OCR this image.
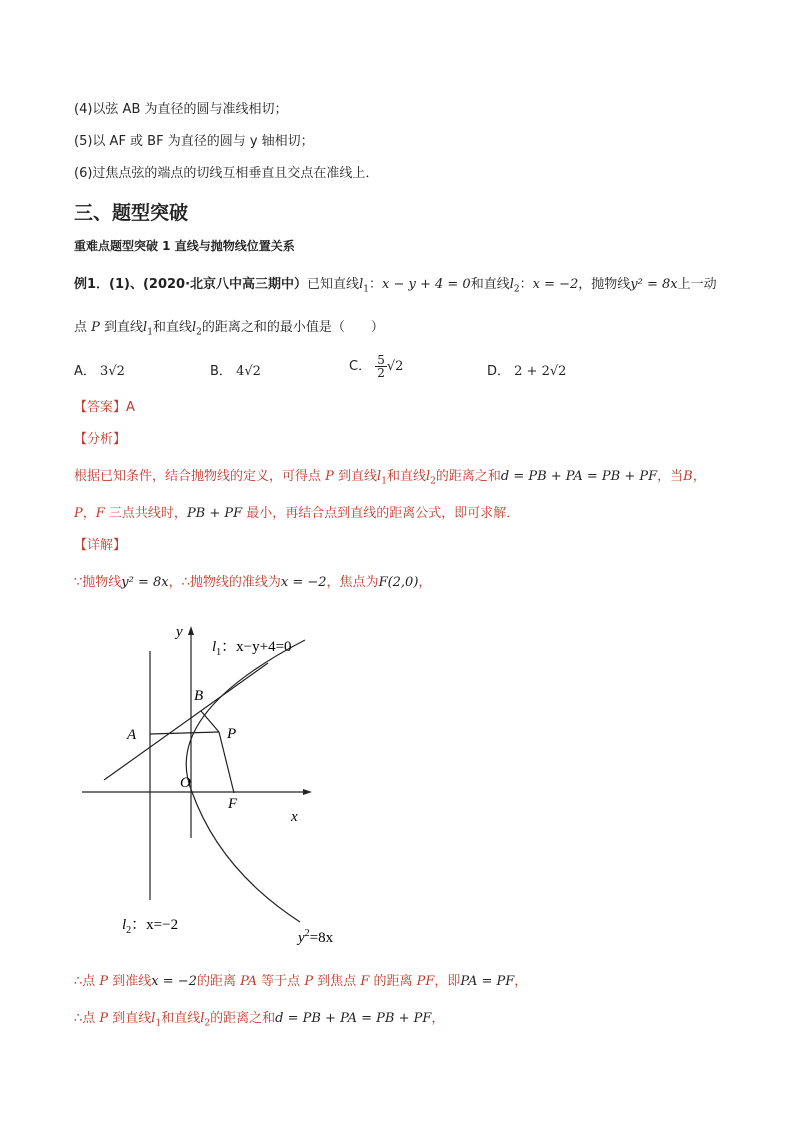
(4)以弦 AB 为直径的圆与准线相切；
(5)以 AF 或 BF 为直径的圆与 y 轴相切；
(6)过焦点弦的端点的切线互相垂直且交点在准线上．
三、题型突破
重难点题型突破 1 直线与抛物线位置关系
例1．(1)、(2020·北京八中高三期中）已知直线$l_1$：x − y + 4 = 0和直线$l_2$：x = −2，抛物线y² = 8x上一动
点 P 到直线$l_1$和直线$l_2$的距离之和的最小值是（　　）
A． 3√2	B． 4√2	C． $\frac{5}{2} √2$	D． 2 + 2√2
【答案】A
【分析】
根据已知条件，结合抛物线的定义，可得点 P 到直线$l_1$和直线$l_2$的距离之和d = PB + PA = PB + PF，当B，
P，F 三点共线时，PB + PF 最小，再结合点到直线的距离公式，即可求解．
【详解】
∵抛物线y² = 8x，∴抛物线的准线为x = −2，焦点为F(2,0)，
y
x
O
A
B
P
F
$l_1$：x−y+4=0
$l_2$：x=−2
$y^2=8x$
∴点 P 到准线x = −2的距离 PA 等于点 P 到焦点 F 的距离 PF，即PA = PF，
∴点 P 到直线$l_1$和直线$l_2$的距离之和d = PB + PA = PB + PF，
